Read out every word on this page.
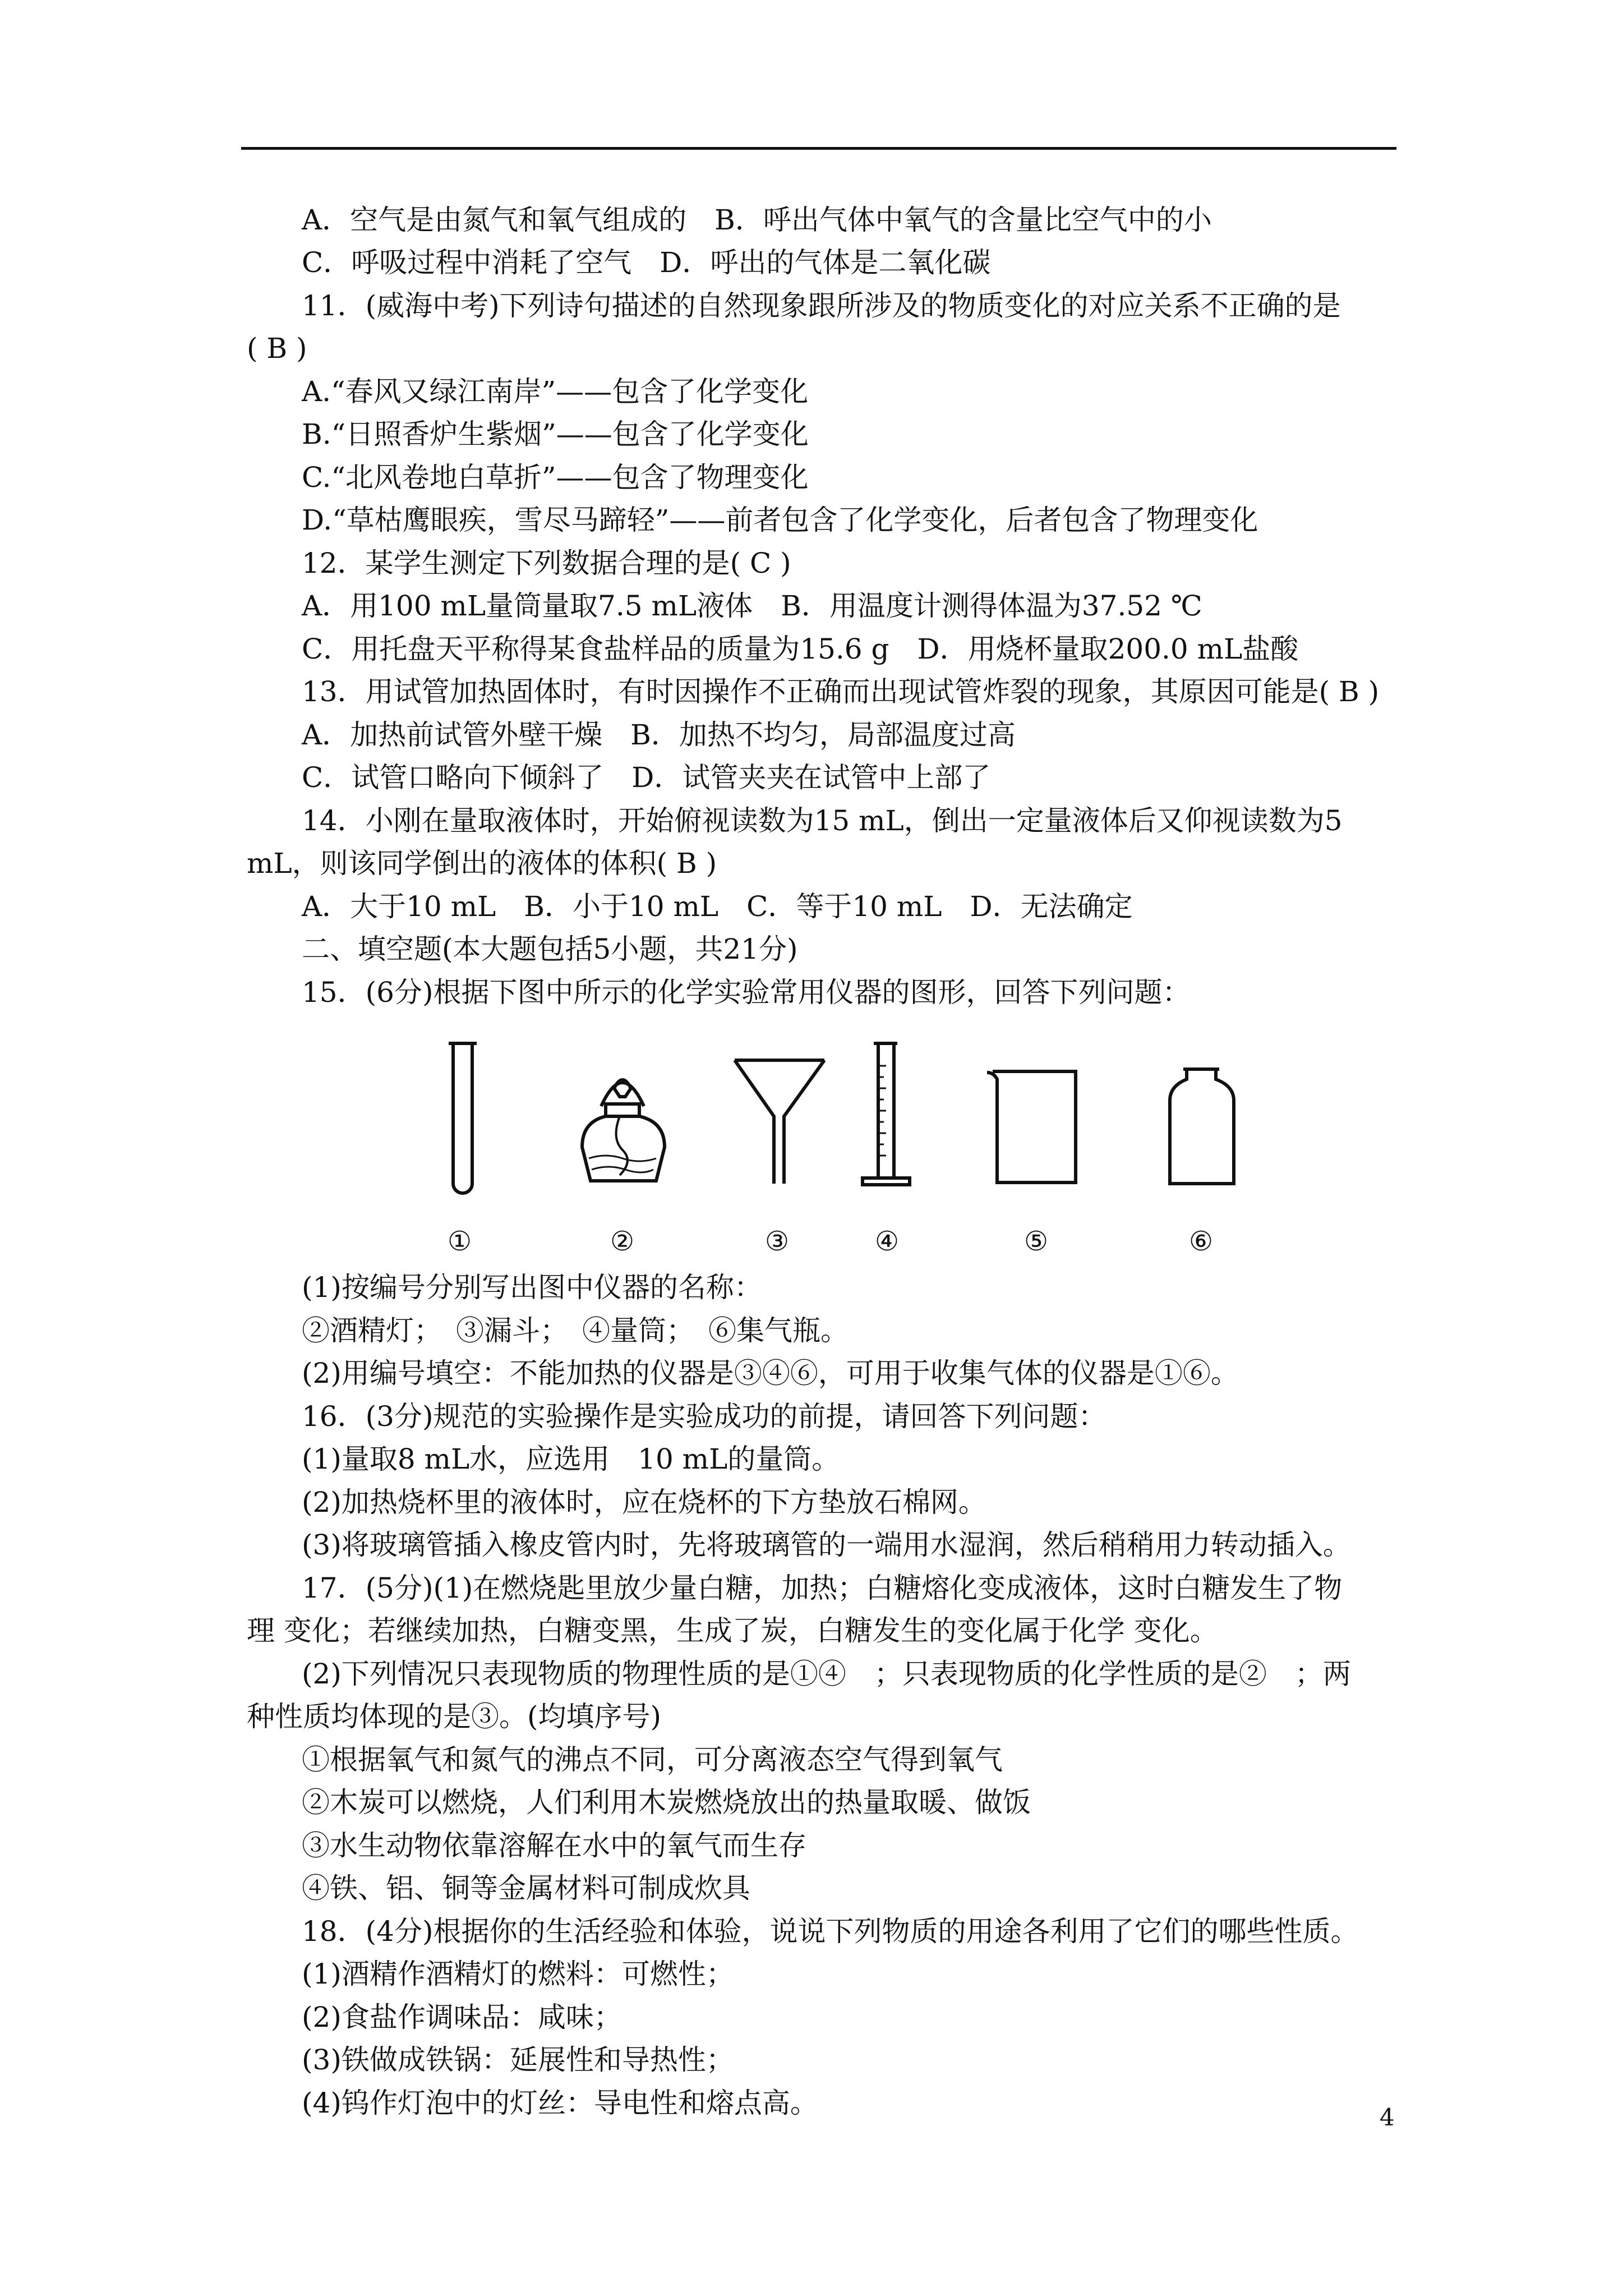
A．空气是由氮气和氧气组成的　B．呼出气体中氧气的含量比空气中的小
C．呼吸过程中消耗了空气　D．呼出的气体是二氧化碳
11．(威海中考)下列诗句描述的自然现象跟所涉及的物质变化的对应关系不正确的是
( B )
A.“春风又绿江南岸”——包含了化学变化
B.“日照香炉生紫烟”——包含了化学变化
C.“北风卷地白草折”——包含了物理变化
D.“草枯鹰眼疾，雪尽马蹄轻”——前者包含了化学变化，后者包含了物理变化
12．某学生测定下列数据合理的是( C )
A．用100 mL量筒量取7.5 mL液体　B．用温度计测得体温为37.52 ℃
C．用托盘天平称得某食盐样品的质量为15.6 g　D．用烧杯量取200.0 mL盐酸
13．用试管加热固体时，有时因操作不正确而出现试管炸裂的现象，其原因可能是( B )
A．加热前试管外壁干燥　B．加热不均匀，局部温度过高
C．试管口略向下倾斜了　D．试管夹夹在试管中上部了
14．小刚在量取液体时，开始俯视读数为15 mL，倒出一定量液体后又仰视读数为5
mL，则该同学倒出的液体的体积( B )
A．大于10 mL　B．小于10 mL　C．等于10 mL　D．无法确定
二、填空题(本大题包括5小题，共21分)
15．(6分)根据下图中所示的化学实验常用仪器的图形，回答下列问题：
①	②	③	④	⑤	⑥
(1)按编号分别写出图中仪器的名称：
②酒精灯；　③漏斗；　④量筒；　⑥集气瓶。
(2)用编号填空：不能加热的仪器是③④⑥，可用于收集气体的仪器是①⑥。
16．(3分)规范的实验操作是实验成功的前提，请回答下列问题：
(1)量取8 mL水，应选用　10 mL的量筒。
(2)加热烧杯里的液体时，应在烧杯的下方垫放石棉网。
(3)将玻璃管插入橡皮管内时，先将玻璃管的一端用水湿润，然后稍稍用力转动插入。
17．(5分)(1)在燃烧匙里放少量白糖，加热；白糖熔化变成液体，这时白糖发生了物
理 变化；若继续加热，白糖变黑，生成了炭，白糖发生的变化属于化学 变化。
(2)下列情况只表现物质的物理性质的是①④　；只表现物质的化学性质的是②　；两
种性质均体现的是③。(均填序号)
①根据氧气和氮气的沸点不同，可分离液态空气得到氧气
②木炭可以燃烧，人们利用木炭燃烧放出的热量取暖、做饭
③水生动物依靠溶解在水中的氧气而生存
④铁、铝、铜等金属材料可制成炊具
18．(4分)根据你的生活经验和体验，说说下列物质的用途各利用了它们的哪些性质。
(1)酒精作酒精灯的燃料：可燃性；
(2)食盐作调味品：咸味；
(3)铁做成铁锅：延展性和导热性；
(4)钨作灯泡中的灯丝：导电性和熔点高。	4
